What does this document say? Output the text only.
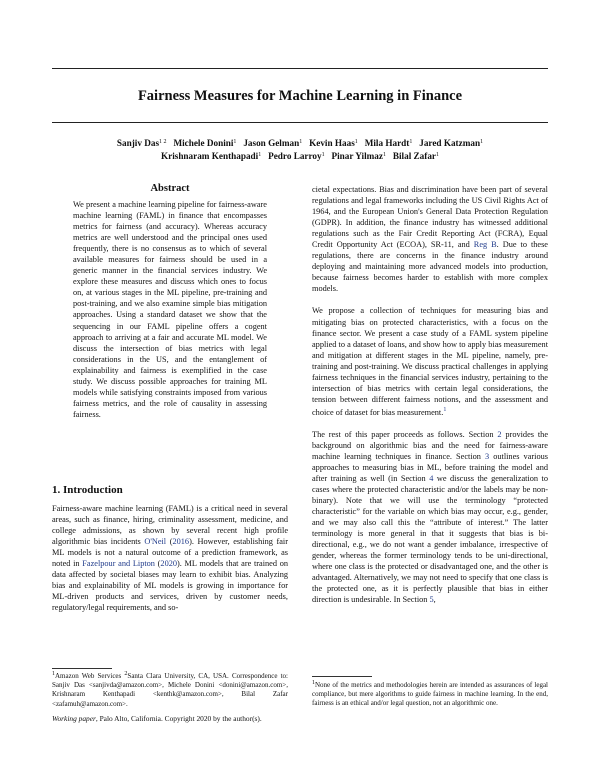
Fairness Measures for Machine Learning in Finance
Sanjiv Das$^{1 2}$ Michele Donini$^1$ Jason Gelman$^1$ Kevin Haas$^1$ Mila Hardt$^1$ Jared Katzman$^1$
Krishnaram Kenthapadi$^1$ Pedro Larroy$^1$ Pinar Yilmaz$^1$ Bilal Zafar$^1$
Abstract

We present a machine learning pipeline for fairness-aware machine learning (FAML) in finance that encompasses metrics for fairness (and accuracy). Whereas accuracy metrics are well understood and the principal ones used frequently, there is no consensus as to which of several available measures for fairness should be used in a generic manner in the financial services industry. We explore these measures and discuss which ones to focus on, at various stages in the ML pipeline, pre-training and post-training, and we also examine simple bias mitigation approaches. Using a standard dataset we show that the sequencing in our FAML pipeline offers a cogent approach to arriving at a fair and accurate ML model. We discuss the intersection of bias metrics with legal considerations in the US, and the entanglement of explainability and fairness is exemplified in the case study. We discuss possible approaches for training ML models while satisfying constraints imposed from various fairness metrics, and the role of causality in assessing fairness.

1. Introduction

Fairness-aware machine learning (FAML) is a critical need in several areas, such as finance, hiring, criminality assessment, medicine, and college admissions, as shown by several recent high profile algorithmic bias incidents O'Neil (2016). However, establishing fair ML models is not a natural outcome of a prediction framework, as noted in Fazelpour and Lipton (2020). ML models that are trained on data affected by societal biases may learn to exhibit bias. Analyzing bias and explainability of ML models is growing in importance for ML-driven products and services, driven by customer needs, regulatory/legal requirements, and so-

cietal expectations. Bias and discrimination have been part of several regulations and legal frameworks including the US Civil Rights Act of 1964, and the European Union's General Data Protection Regulation (GDPR). In addition, the finance industry has witnessed additional regulations such as the Fair Credit Reporting Act (FCRA), Equal Credit Opportunity Act (ECOA), SR-11, and Reg B. Due to these regulations, there are concerns in the finance industry around deploying and maintaining more advanced models into production, because fairness becomes harder to establish with more complex models.

We propose a collection of techniques for measuring bias and mitigating bias on protected characteristics, with a focus on the finance sector. We present a case study of a FAML system pipeline applied to a dataset of loans, and show how to apply bias measurement and mitigation at different stages in the ML pipeline, namely, pre-training and post-training. We discuss practical challenges in applying fairness techniques in the financial services industry, pertaining to the intersection of bias metrics with certain legal considerations, the tension between different fairness notions, and the assessment and choice of dataset for bias measurement.$^1$

The rest of this paper proceeds as follows. Section 2 provides the background on algorithmic bias and the need for fairness-aware machine learning techniques in finance. Section 3 outlines various approaches to measuring bias in ML, before training the model and after training as well (in Section 4 we discuss the generalization to cases where the protected characteristic and/or the labels may be non-binary). Note that we will use the terminology “protected characteristic” for the variable on which bias may occur, e.g., gender, and we may also call this the “attribute of interest.” The latter terminology is more general in that it suggests that bias is bi-directional, e.g., we do not want a gender imbalance, irrespective of gender, whereas the former terminology tends to be uni-directional, where one class is the protected or disadvantaged one, and the other is advantaged. Alternatively, we may not need to specify that one class is the protected one, as it is perfectly plausible that bias in either direction is undesirable. In Section 5,

$^1$Amazon Web Services $^2$Santa Clara University, CA, USA. Correspondence to: Sanjiv Das <sanjivda@amazon.com>, Michele Donini <donini@amazon.com>, Krishnaram Kenthapadi <kenthk@amazon.com>, Bilal Zafar <zafamuh@amazon.com>.
Working paper, Palo Alto, California. Copyright 2020 by the author(s).
$^1$None of the metrics and methodologies herein are intended as assurances of legal compliance, but mere algorithms to guide fairness in machine learning. In the end, fairness is an ethical and/or legal question, not an algorithmic one.
